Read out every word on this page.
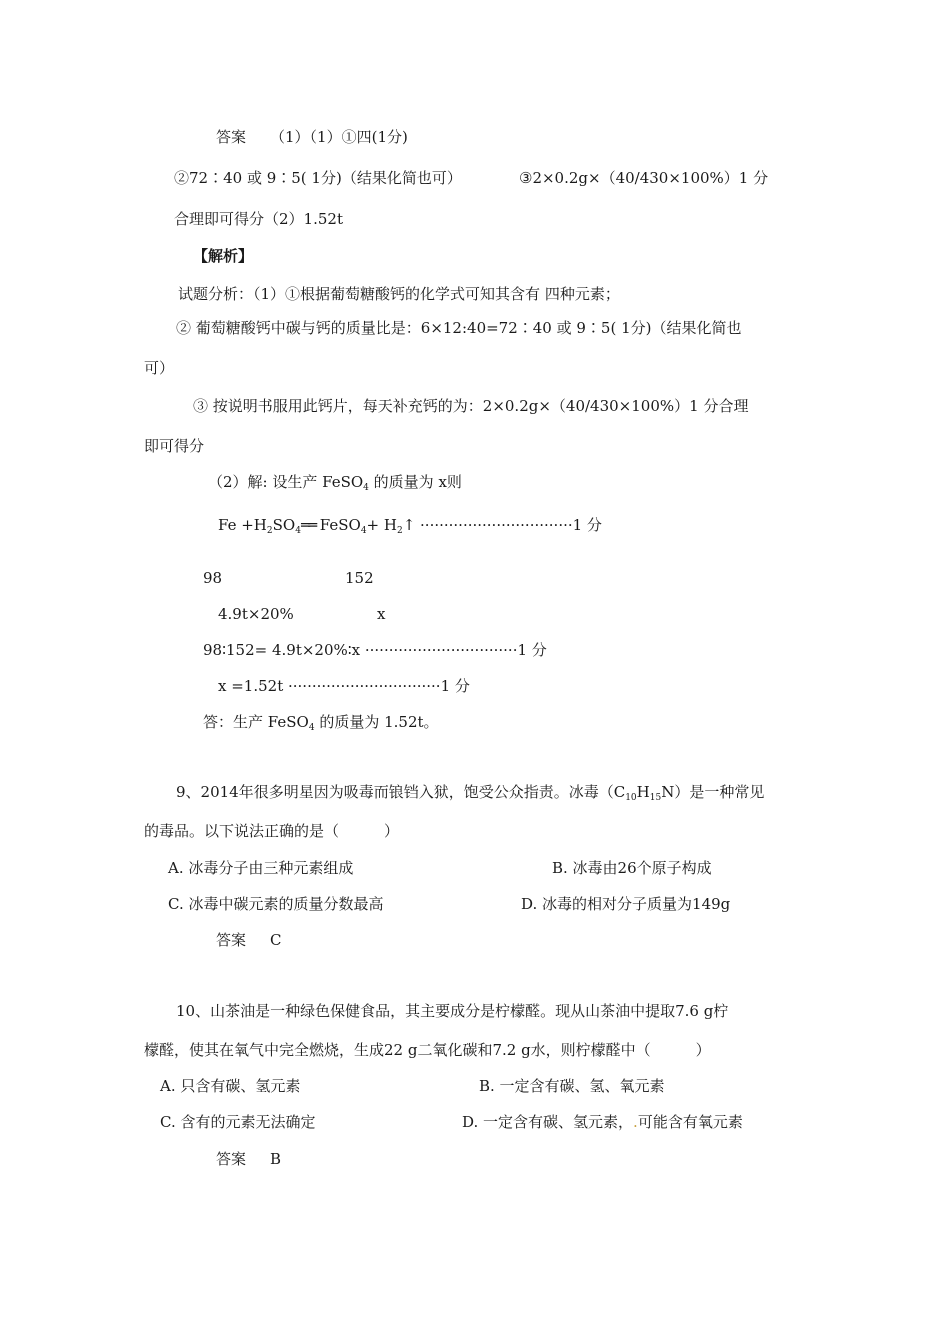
答案 （1）（1）①四(1分)
②72∶40 或 9∶5( 1分)（结果化简也可）	③2×0.2g×（40/430×100%）1 分
合理即可得分（2）1.52t
【解析】
试题分析：（1）①根据葡萄糖酸钙的化学式可知其含有 四种元素；
② 葡萄糖酸钙中碳与钙的质量比是：6×12:40=72∶40 或 9∶5( 1分)（结果化简也
可）
③ 按说明书服用此钙片，每天补充钙的为：2×0.2g×（40/430×100%）1 分合理
即可得分
（2）解: 设生产 FeSO$_4$ 的质量为 x则
$Fe +H_2SO_4══$ FeSO$_4$+ $H_2↑ \cdot\cdot\cdot\cdot\cdot\cdot\cdot\cdot\cdot\cdot\cdot\cdot\cdot\cdot\cdot\cdot\cdot\cdot\cdot\cdot\cdot\cdot\cdot\cdot\cdot\cdot\cdot\cdot\cdot\cdot\cdot\cdot 1$ 分
98	152
4.9t×20%	x
98∶152= 4.9t×20%∶x ································1 分
x =1.52t ································1 分
答：生产 FeSO$_4$ 的质量为 1.52t。
9、2014年很多明星因为吸毒而锒铛入狱，饱受公众指责。冰毒$(C_{10}H_{15}N)$是一种常见
的毒品。以下说法正确的是（　　　）
A. 冰毒分子由三种元素组成	B. 冰毒由26个原子构成
C. 冰毒中碳元素的质量分数最高	D. 冰毒的相对分子质量为149g
答案 C
10、山茶油是一种绿色保健食品，其主要成分是柠檬醛。现从山茶油中提取7.6 g柠
檬醛，使其在氧气中完全燃烧，生成22 g二氧化碳和7.2 g水，则柠檬醛中（　　　）
A. 只含有碳、氢元素	B. 一定含有碳、氢、氧元素
C. 含有的元素无法确定	D. 一定含有碳、氢元素，.可能含有氧元素
答案 B
